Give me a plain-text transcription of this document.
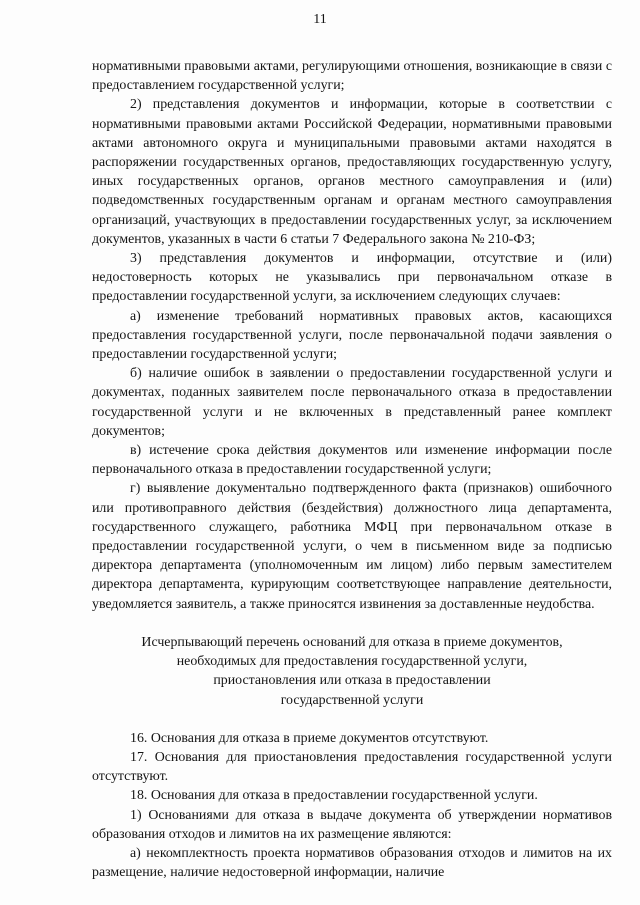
11

нормативными правовыми актами, регулирующими отношения, возникающие в связи с предоставлением государственной услуги;

2) представления документов и информации, которые в соответствии с нормативными правовыми актами Российской Федерации, нормативными правовыми актами автономного округа и муниципальными правовыми актами находятся в распоряжении государственных органов, предоставляющих государственную услугу, иных государственных органов, органов местного самоуправления и (или) подведомственных государственным органам и органам местного самоуправления организаций, участвующих в предоставлении государственных услуг, за исключением документов, указанных в части 6 статьи 7 Федерального закона № 210-ФЗ;

3) представления документов и информации, отсутствие и (или) недостоверность которых не указывались при первоначальном отказе в предоставлении государственной услуги, за исключением следующих случаев:

а) изменение требований нормативных правовых актов, касающихся предоставления государственной услуги, после первоначальной подачи заявления о предоставлении государственной услуги;

б) наличие ошибок в заявлении о предоставлении государственной услуги и документах, поданных заявителем после первоначального отказа в предоставлении государственной услуги и не включенных в представленный ранее комплект документов;

в) истечение срока действия документов или изменение информации после первоначального отказа в предоставлении государственной услуги;

г) выявление документально подтвержденного факта (признаков) ошибочного или противоправного действия (бездействия) должностного лица департамента, государственного служащего, работника МФЦ при первоначальном отказе в предоставлении государственной услуги, о чем в письменном виде за подписью директора департамента (уполномоченным им лицом) либо первым заместителем директора департамента, курирующим соответствующее направление деятельности, уведомляется заявитель, а также приносятся извинения за доставленные неудобства.

Исчерпывающий перечень оснований для отказа в приеме документов,

необходимых для предоставления государственной услуги,

приостановления или отказа в предоставлении

государственной услуги

16. Основания для отказа в приеме документов отсутствуют.

17. Основания для приостановления предоставления государственной услуги отсутствуют.

18. Основания для отказа в предоставлении государственной услуги.

1) Основаниями для отказа в выдаче документа об утверждении нормативов образования отходов и лимитов на их размещение являются:

а) некомплектность проекта нормативов образования отходов и лимитов на их размещение, наличие недостоверной информации, наличие
